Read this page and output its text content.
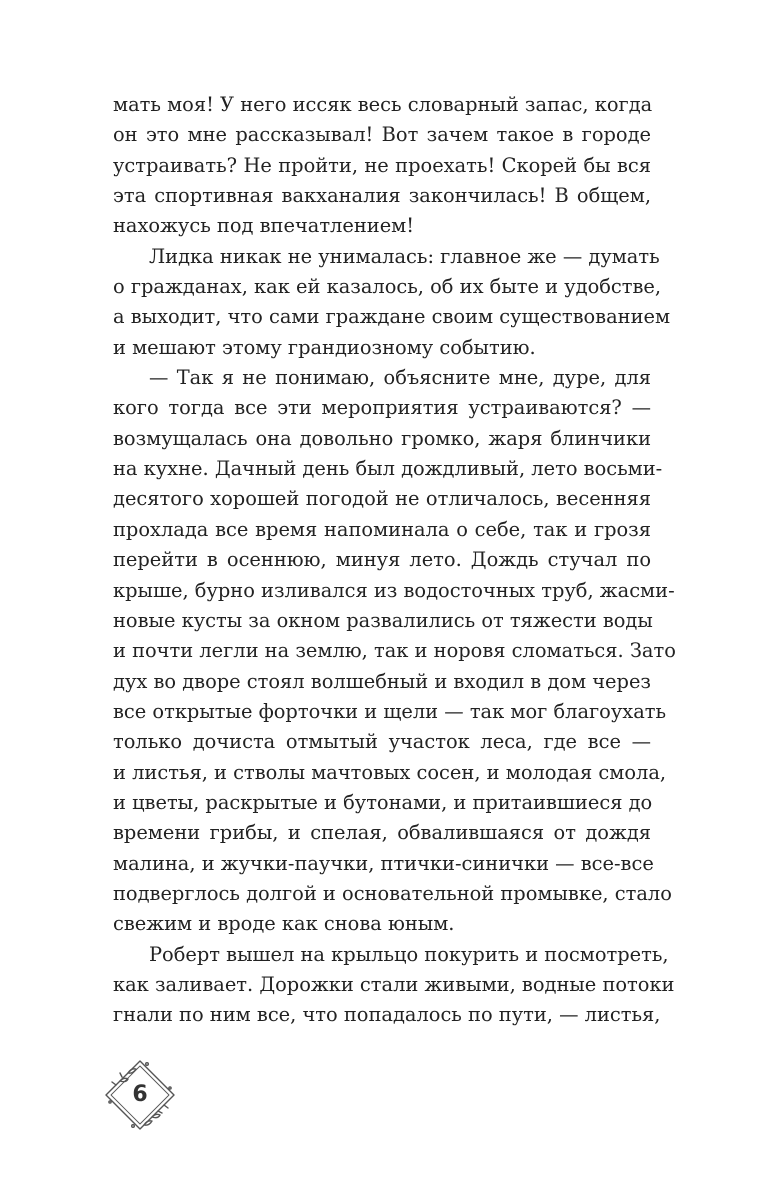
мать моя! У него иссяк весь словарный запас, когда
он это мне рассказывал! Вот зачем такое в городе
устраивать? Не пройти, не проехать! Скорей бы вся
эта спортивная вакханалия закончилась! В общем,
нахожусь под впечатлением!
Лидка никак не унималась: главное же — думать
о гражданах, как ей казалось, об их быте и удобстве,
а выходит, что сами граждане своим существованием
и мешают этому грандиозному событию.
— Так я не понимаю, объясните мне, дуре, для
кого тогда все эти мероприятия устраиваются? —
возмущалась она довольно громко, жаря блинчики
на кухне. Дачный день был дождливый, лето восьми-
десятого хорошей погодой не отличалось, весенняя
прохлада все время напоминала о себе, так и грозя
перейти в осеннюю, минуя лето. Дождь стучал по
крыше, бурно изливался из водосточных труб, жасми-
новые кусты за окном развалились от тяжести воды
и почти легли на землю, так и норовя сломаться. Зато
дух во дворе стоял волшебный и входил в дом через
все открытые форточки и щели — так мог благоухать
только дочиста отмытый участок леса, где все —
и листья, и стволы мачтовых сосен, и молодая смола,
и цветы, раскрытые и бутонами, и притаившиеся до
времени грибы, и спелая, обвалившаяся от дождя
малина, и жучки-паучки, птички-синички — все-все
подверглось долгой и основательной промывке, стало
свежим и вроде как снова юным.
Роберт вышел на крыльцо покурить и посмотреть,
как заливает. Дорожки стали живыми, водные потоки
гнали по ним все, что попадалось по пути, — листья,
6
